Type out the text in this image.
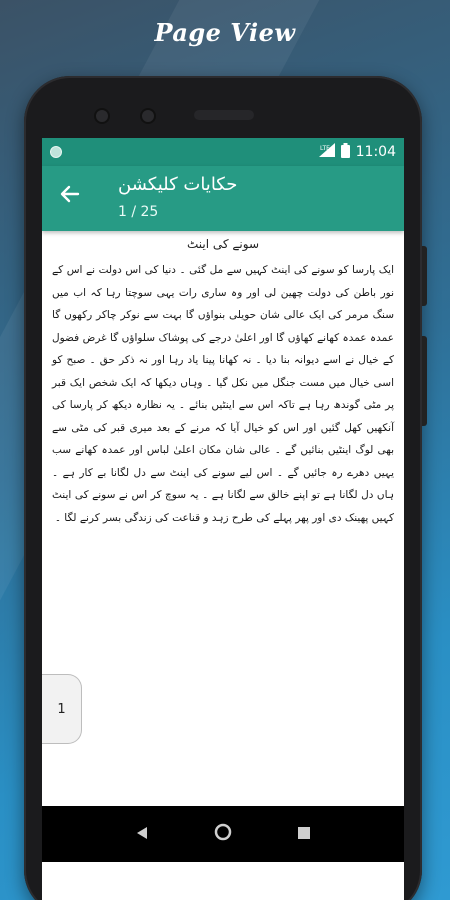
Page View
LTE 11:04
حکایات کلیکشن
1 / 25
سونے کی اینٹ
ایک پارسا کو سونے کی اینٹ کہیں سے مل گئی ۔ دنیا کی اس دولت نے اس کے نور باطن کی دولت چھین لی اور وہ ساری رات یہی سوچتا رہا کہ اب میں سنگ مرمر کی ایک عالی شان حویلی بنواؤں گا بہت سے نوکر چاکر رکھوں گا عمدہ عمدہ کھانے کھاؤں گا اور اعلیٰ درجے کی پوشاک سلواؤں گا غرض فضول کے خیال نے اسے دیوانہ بنا دیا ۔ نہ کھانا پینا یاد رہا اور نہ ذکر حق ۔ صبح کو اسی خیال میں مست جنگل میں نکل گیا ۔ وہاں دیکھا کہ ایک شخص ایک قبر پر مٹی گوندھ رہا ہے تاکہ اس سے اینٹیں بنائے ۔ یہ نظارہ دیکھ کر پارسا کی آنکھیں کھل گئیں اور اس کو خیال آیا کہ مرنے کے بعد میری قبر کی مٹی سے بھی لوگ اینٹیں بنائیں گے ۔ عالی شان مکان اعلیٰ لباس اور عمدہ کھانے سب یہیں دھرے رہ جائیں گے ۔ اس لیے سونے کی اینٹ سے دل لگانا بے کار ہے ۔ ہاں دل لگانا ہے تو اپنے خالق سے لگانا ہے ۔ یہ سوچ کر اس نے سونے کی اینٹ کہیں پھینک دی اور پھر پہلے کی طرح زہد و قناعت کی زندگی بسر کرنے لگا ۔
1
